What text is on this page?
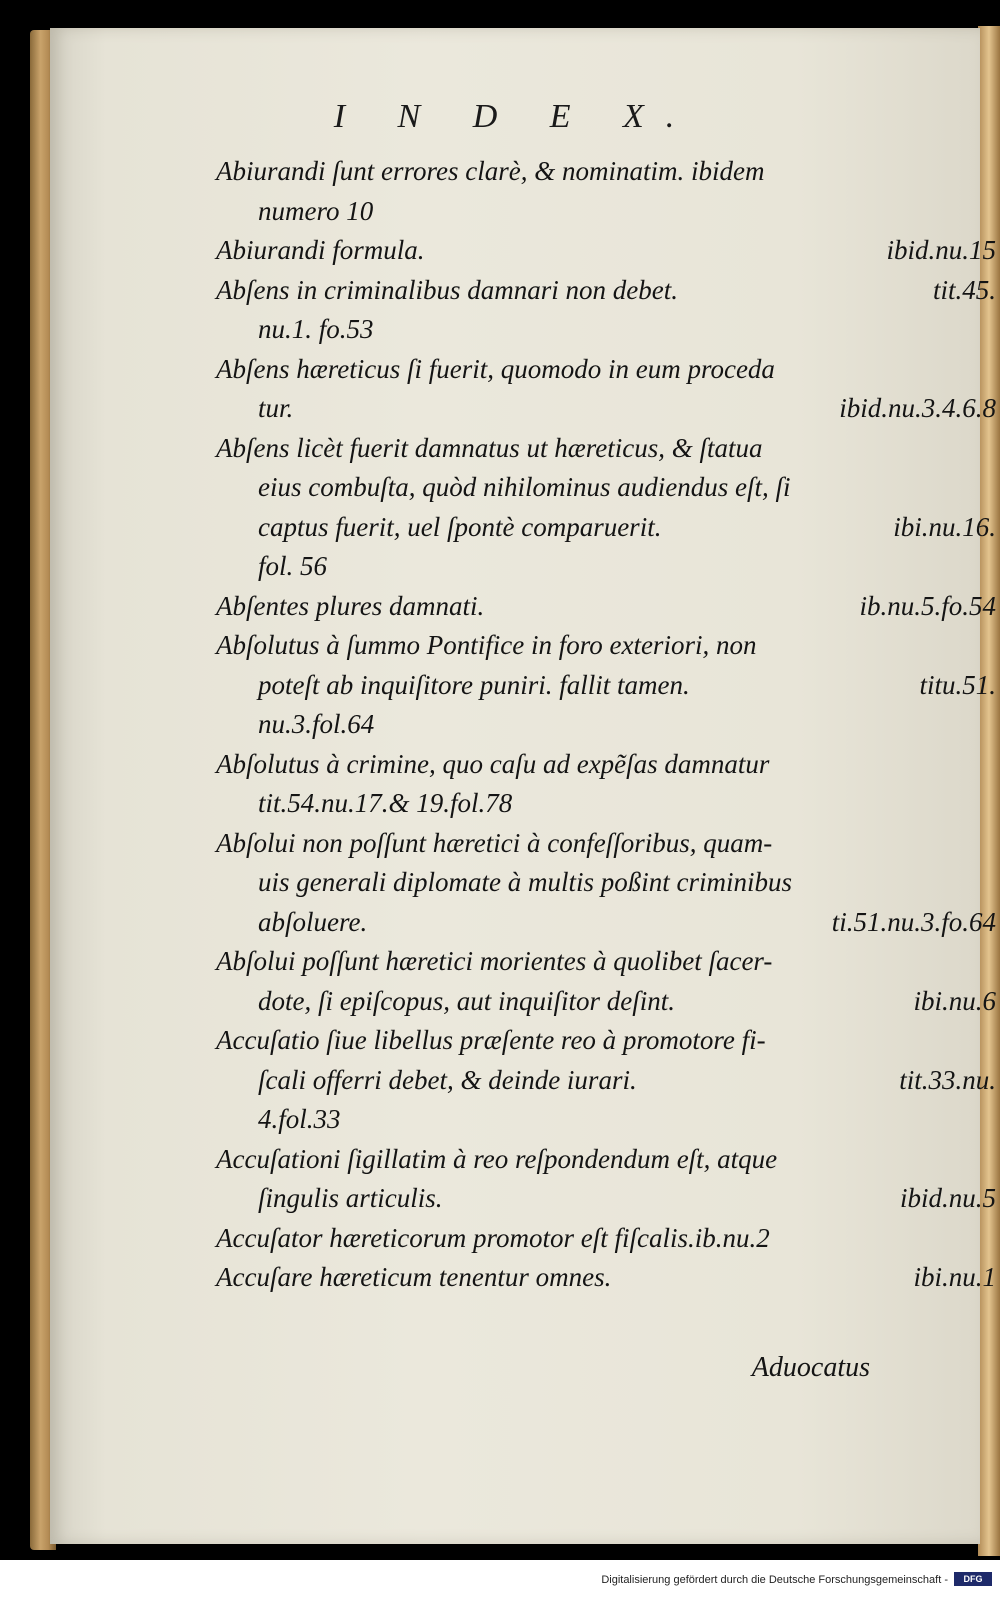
I N D E X.
Abiurandi ſunt errores clarè, & nominatim. ibidem
numero 10
Abiurandi formula.	ibid.nu.15
Abſens in criminalibus damnari non debet.	tit.45.
nu.1. fo.53
Abſens hæreticus ſi fuerit, quomodo in eum proceda
tur.	ibid.nu.3.4.6.8
Abſens licèt fuerit damnatus ut hæreticus, & ſtatua
eius combuſta, quòd nihilominus audiendus eſt, ſi
captus fuerit, uel ſpontè comparuerit.	ibi.nu.16.
fol. 56
Abſentes plures damnati.	ib.nu.5.fo.54
Abſolutus à ſummo Pontifice in foro exteriori, non
poteſt ab inquiſitore puniri. fallit tamen.	titu.51.
nu.3.fol.64
Abſolutus à crimine, quo caſu ad expẽſas damnatur
tit.54.nu.17.& 19.fol.78
Abſolui non poſſunt hæretici à confeſſoribus, quam-
uis generali diplomate à multis poßint criminibus
abſoluere.	ti.51.nu.3.fo.64
Abſolui poſſunt hæretici morientes à quolibet ſacer-
dote, ſi epiſcopus, aut inquiſitor deſint.	ibi.nu.6
Accuſatio ſiue libellus præſente reo à promotore fi-
ſcali offerri debet, & deinde iurari.	tit.33.nu.
4.fol.33
Accuſationi ſigillatim à reo reſpondendum eſt, atque
ſingulis articulis.	ibid.nu.5
Accuſator hæreticorum promotor eſt fiſcalis.ib.nu.2
Accuſare hæreticum tenentur omnes.	ibi.nu.1
Aduocatus
Digitalisierung gefördert durch die Deutsche Forschungsgemeinschaft -	DFG
